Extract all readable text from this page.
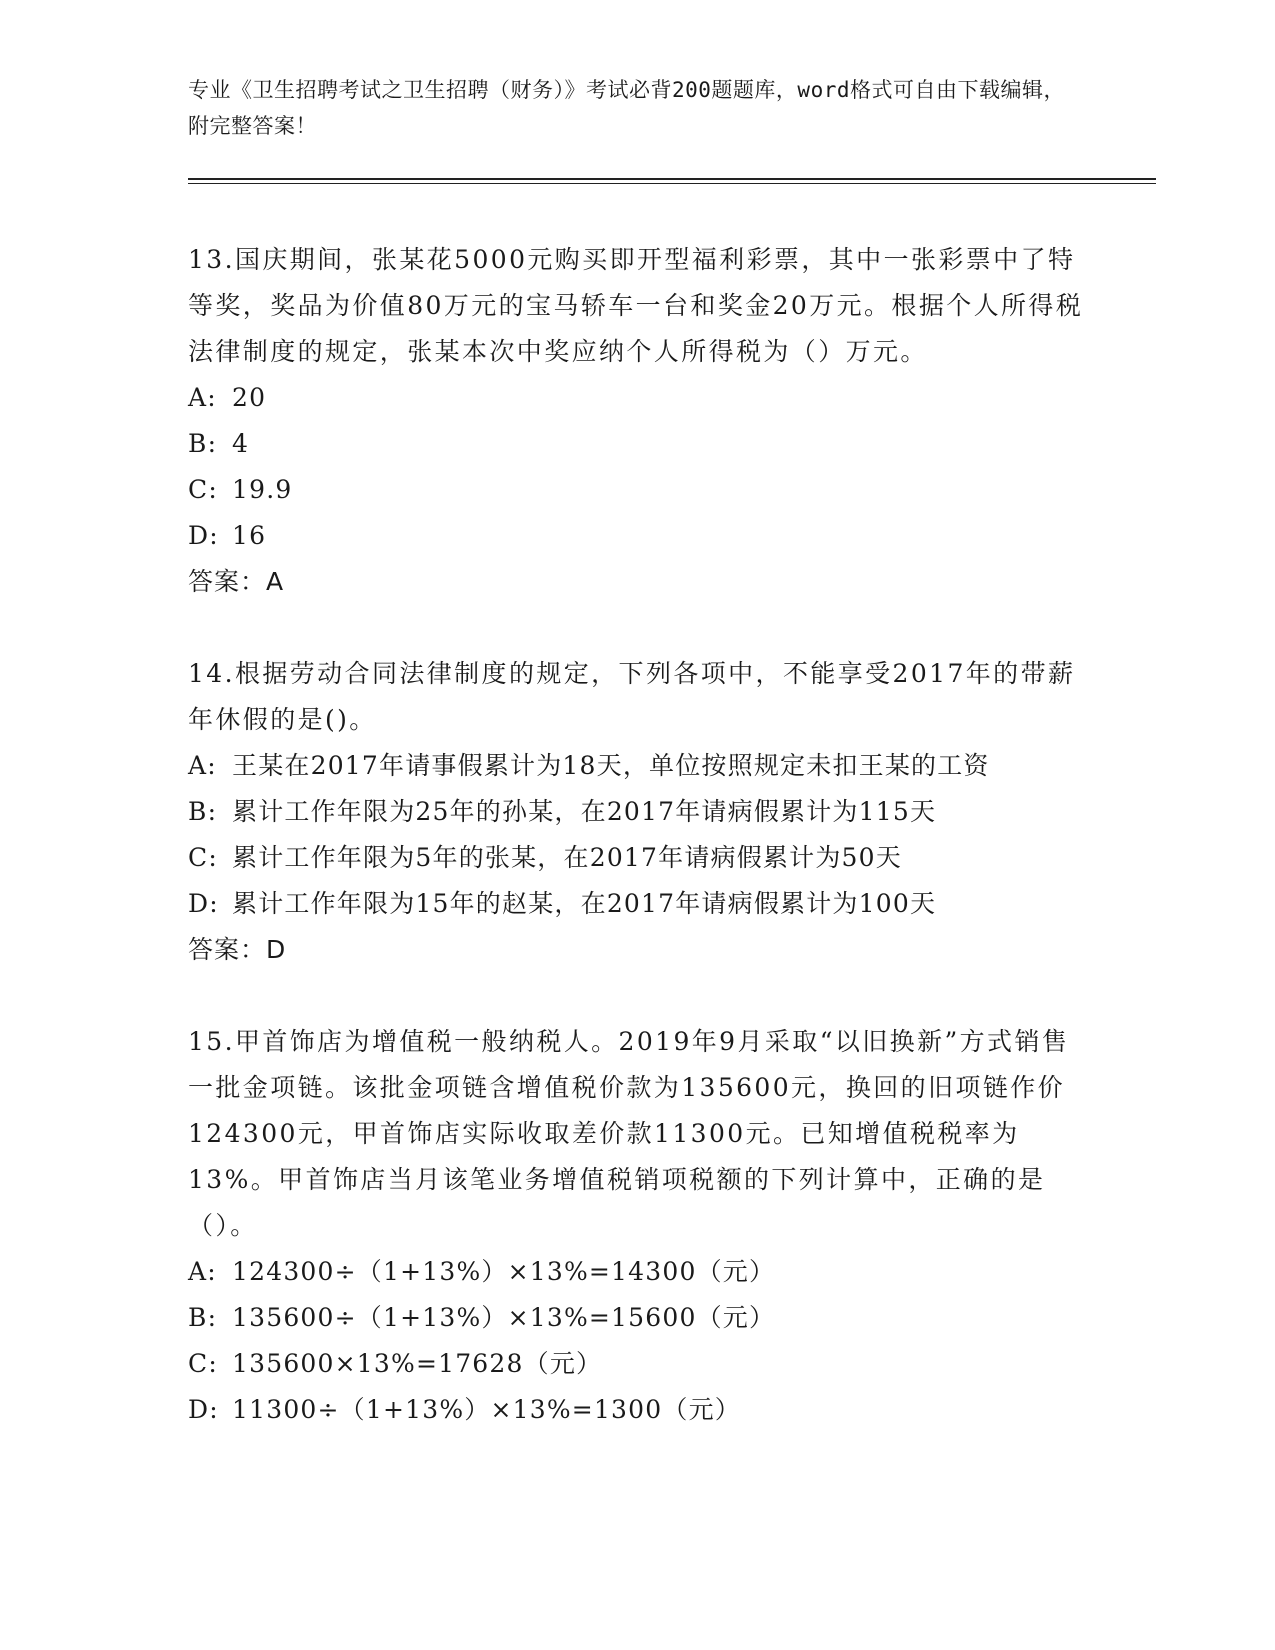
专业《卫生招聘考试之卫生招聘（财务）》考试必背200题题库，word格式可自由下载编辑，附完整答案！
13.国庆期间，张某花5000元购买即开型福利彩票，其中一张彩票中了特等奖，奖品为价值80万元的宝马轿车一台和奖金20万元。根据个人所得税法律制度的规定，张某本次中奖应纳个人所得税为（）万元。
A: 20
B: 4
C: 19.9
D: 16
答案：A
14.根据劳动合同法律制度的规定，下列各项中，不能享受2017年的带薪年休假的是()。
A: 王某在2017年请事假累计为18天，单位按照规定未扣王某的工资
B: 累计工作年限为25年的孙某，在2017年请病假累计为115天
C: 累计工作年限为5年的张某，在2017年请病假累计为50天
D: 累计工作年限为15年的赵某，在2017年请病假累计为100天
答案：D
15.甲首饰店为增值税一般纳税人。2019年9月采取“以旧换新”方式销售一批金项链。该批金项链含增值税价款为135600元，换回的旧项链作价124300元，甲首饰店实际收取差价款11300元。已知增值税税率为13%。甲首饰店当月该笔业务增值税销项税额的下列计算中，正确的是（）。
A: 124300÷（1+13%）×13%=14300（元）
B: 135600÷（1+13%）×13%=15600（元）
C: 135600×13%=17628（元）
D: 11300÷（1+13%）×13%=1300（元）
